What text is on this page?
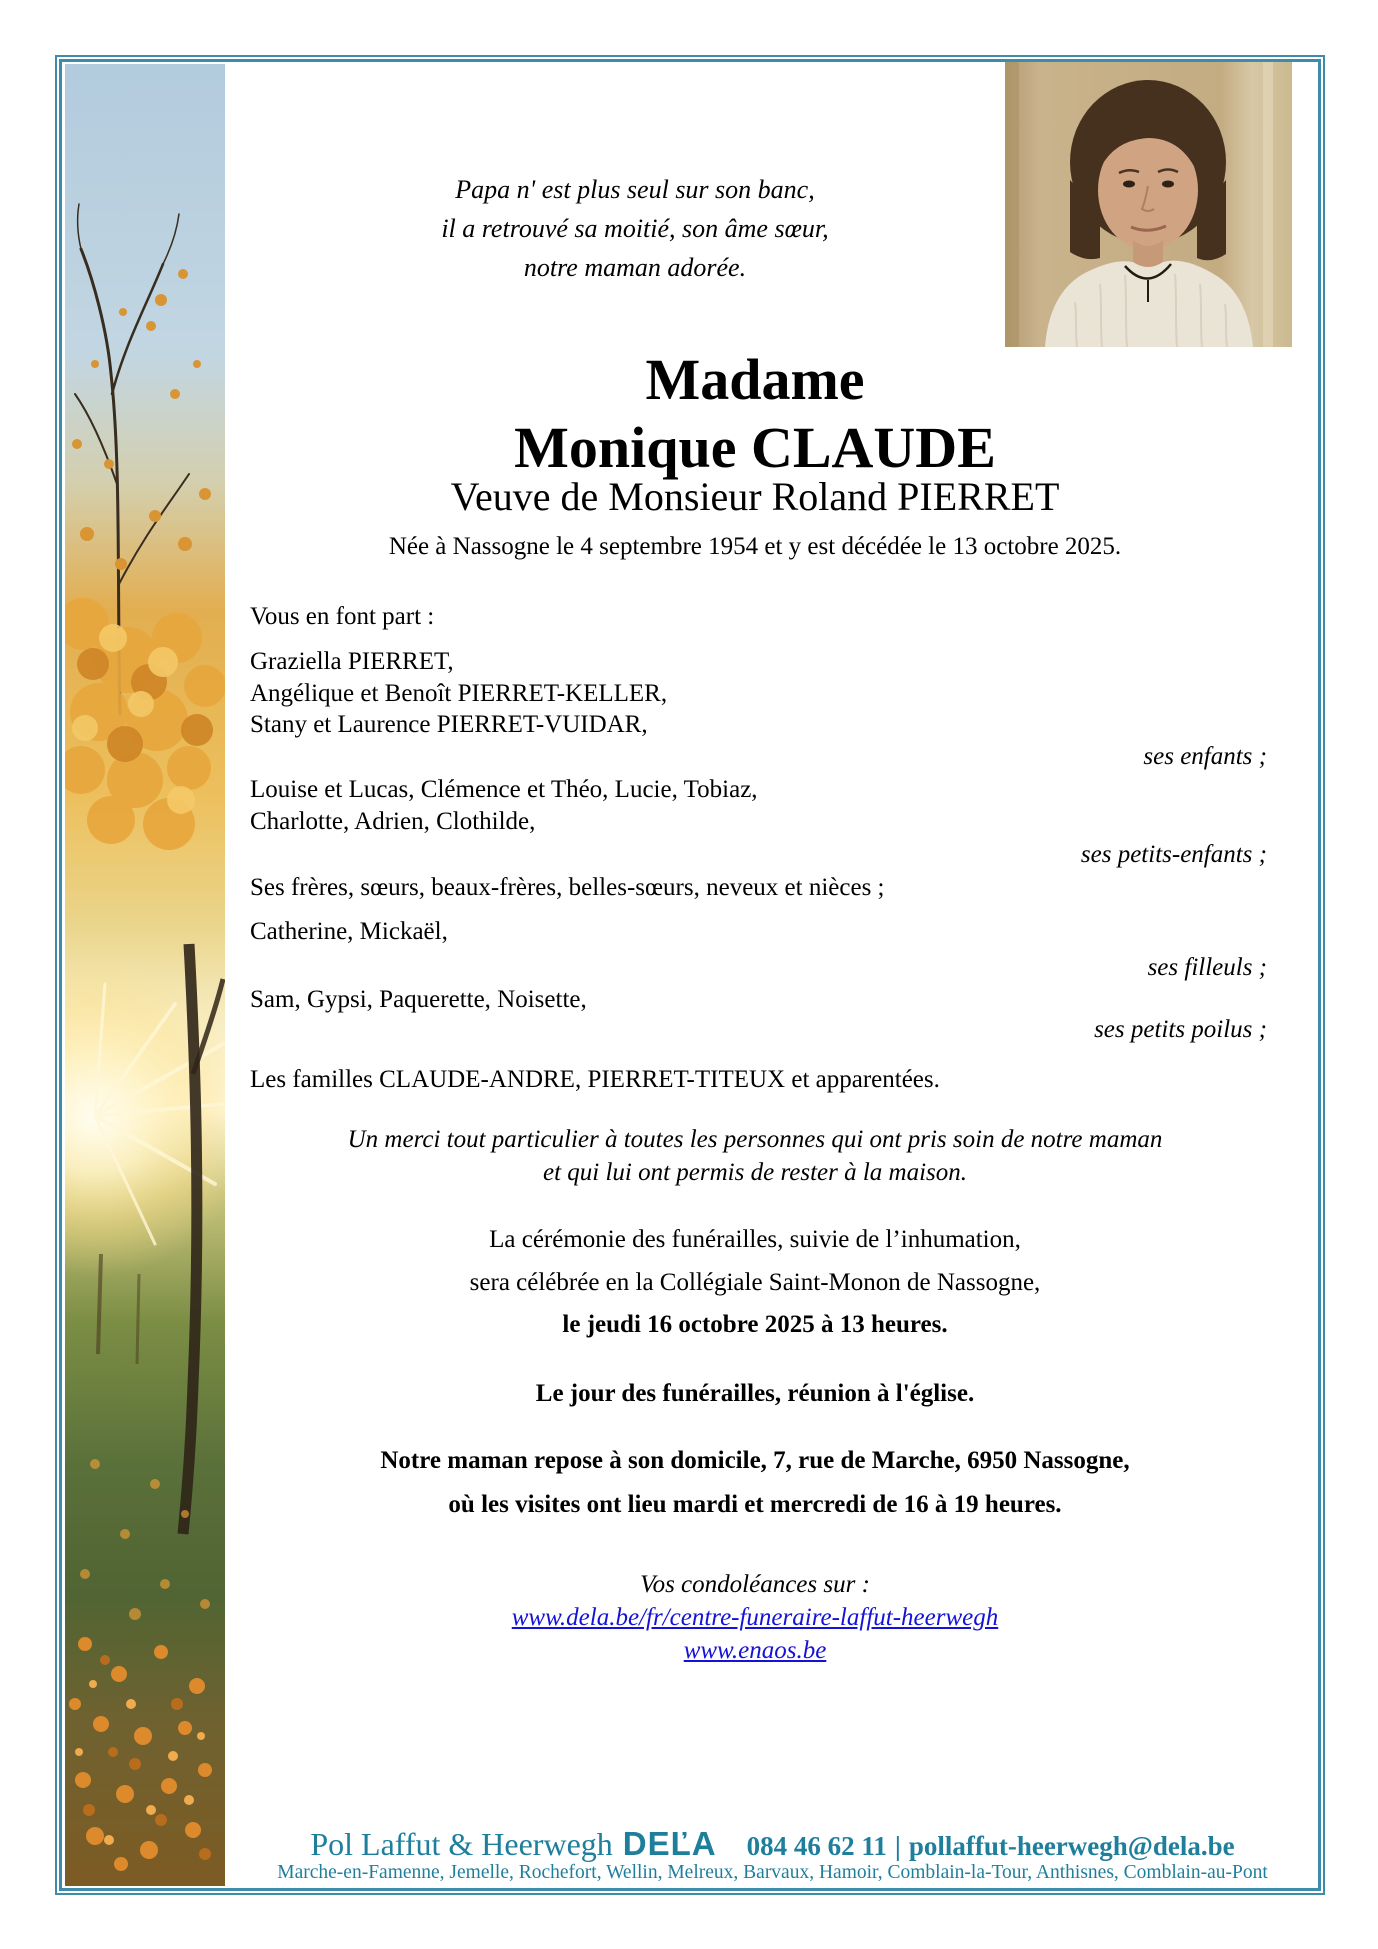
Papa n' est plus seul sur son banc,
il a retrouvé sa moitié, son âme sœur,
notre maman adorée.
Madame
Monique CLAUDE
Veuve de Monsieur Roland PIERRET
Née à Nassogne le 4 septembre 1954 et y est décédée le 13 octobre 2025.
Vous en font part :
Graziella PIERRET,
Angélique et Benoît PIERRET-KELLER,
Stany et Laurence PIERRET-VUIDAR,
ses enfants ;
Louise et Lucas, Clémence et Théo, Lucie, Tobiaz,
Charlotte, Adrien, Clothilde,
ses petits-enfants ;
Ses frères, sœurs, beaux-frères, belles-sœurs, neveux et nièces ;
Catherine, Mickaël,
ses filleuls ;
Sam, Gypsi, Paquerette, Noisette,
ses petits poilus ;
Les familles CLAUDE-ANDRE, PIERRET-TITEUX et apparentées.
Un merci tout particulier à toutes les personnes qui ont pris soin de notre maman
et qui lui ont permis de rester à la maison.
La cérémonie des funérailles, suivie de l’inhumation,
sera célébrée en la Collégiale Saint-Monon de Nassogne,
le jeudi 16 octobre 2025 à 13 heures.
Le jour des funérailles, réunion à l'église.
Notre maman repose à son domicile, 7, rue de Marche, 6950 Nassogne,
où les visites ont lieu mardi et mercredi de 16 à 19 heures.
Vos condoléances sur :
www.dela.be/fr/centre-funeraire-laffut-heerwegh
www.enaos.be
Pol Laffut & Heerwegh DEĽA 084 46 62 11 | pollaffut-heerwegh@dela.be
Marche-en-Famenne, Jemelle, Rochefort, Wellin, Melreux, Barvaux, Hamoir, Comblain-la-Tour, Anthisnes, Comblain-au-Pont
